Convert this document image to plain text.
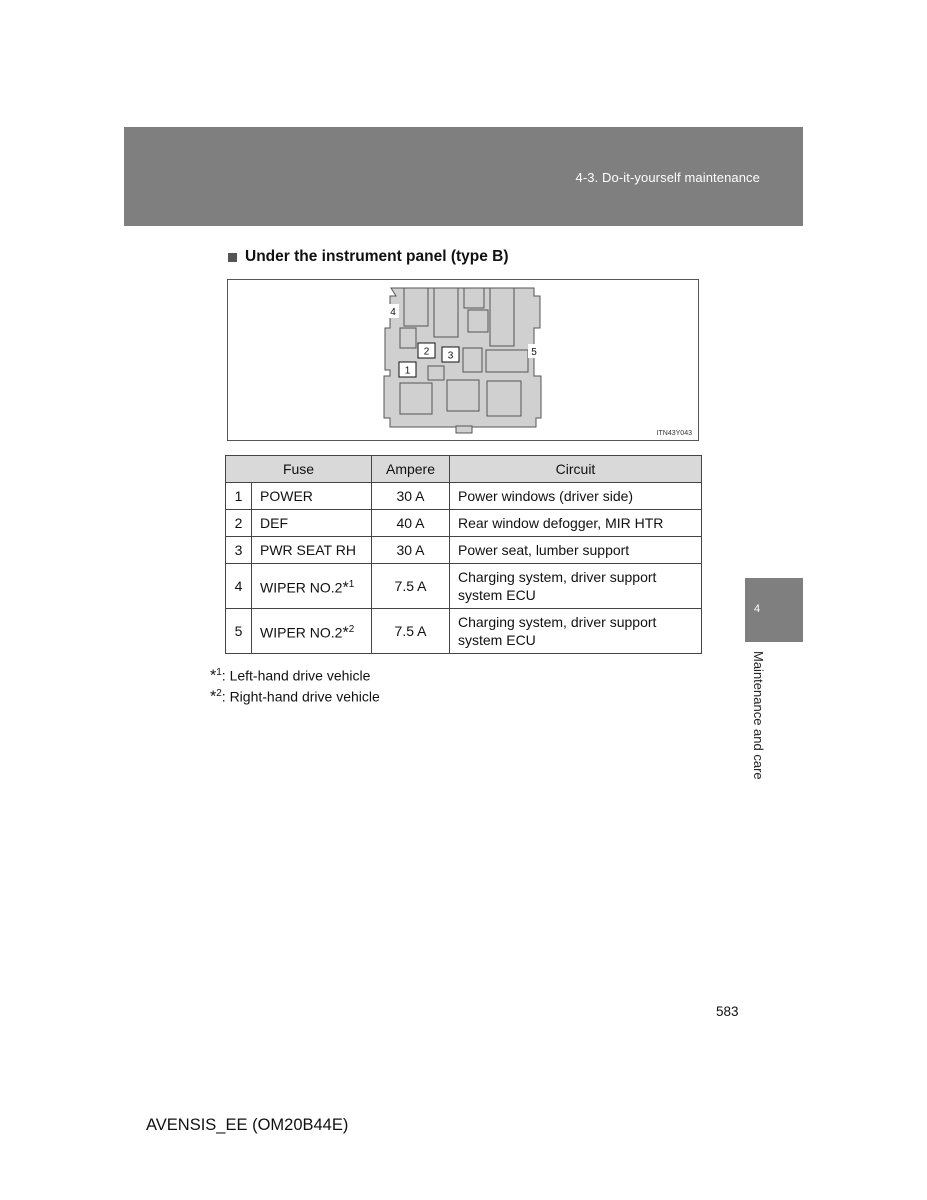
4-3. Do-it-yourself maintenance
Under the instrument panel (type B)
1
2 3
4
5
ITN43Y043
Fuse		Ampere	Circuit
1	POWER	30 A	Power windows (driver side)
2	DEF	40 A	Rear window defogger, MIR HTR
3	PWR SEAT RH	30 A	Power seat, lumber support
4	WIPER NO.2*$^1$	7.5 A	Charging system, driver support system ECU
5	WIPER NO.2*$^2$	7.5 A	Charging system, driver support system ECU
*$^1$: Left-hand drive vehicle
*$^2$: Right-hand drive vehicle
4
Maintenance and care
583
AVENSIS_EE (OM20B44E)
